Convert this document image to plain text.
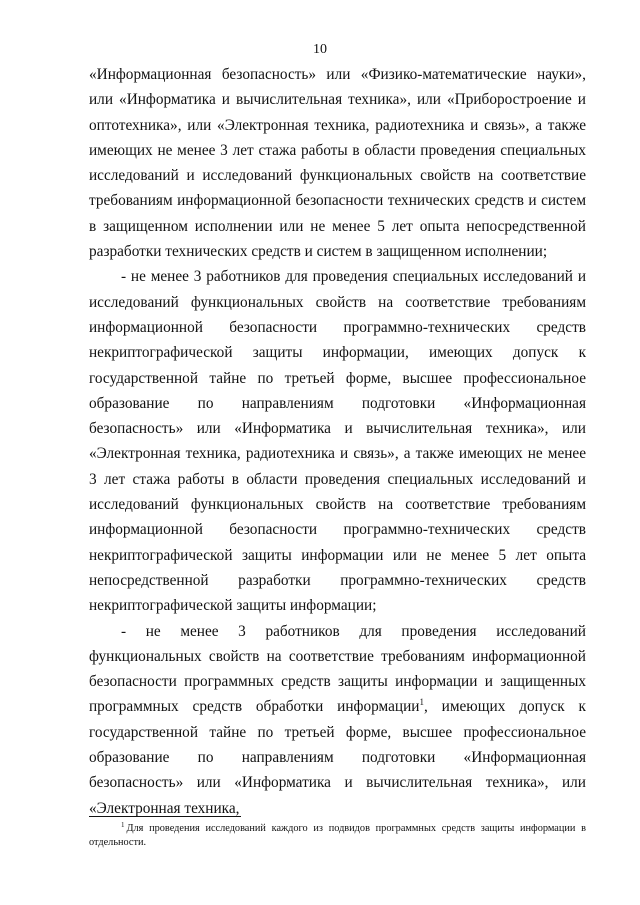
10

«Информационная безопасность» или «Физико-математические науки», или «Информатика и вычислительная техника», или «Приборостроение и оптотехника», или «Электронная техника, радиотехника и связь», а также имеющих не менее 3 лет стажа работы в области проведения специальных исследований и исследований функциональных свойств на соответствие требованиям информационной безопасности технических средств и систем в защищенном исполнении или не менее 5 лет опыта непосредственной разработки технических средств и систем в защищенном исполнении;

- не менее 3 работников для проведения специальных исследований и исследований функциональных свойств на соответствие требованиям информационной безопасности программно-технических средств некриптографической защиты информации, имеющих допуск к государственной тайне по третьей форме, высшее профессиональное образование по направлениям подготовки «Информационная безопасность» или «Информатика и вычислительная техника», или «Электронная техника, радиотехника и связь», а также имеющих не менее 3 лет стажа работы в области проведения специальных исследований и исследований функциональных свойств на соответствие требованиям информационной безопасности программно-технических средств некриптографической защиты информации или не менее 5 лет опыта непосредственной разработки программно-технических средств некриптографической защиты информации;

- не менее 3 работников для проведения исследований функциональных свойств на соответствие требованиям информационной безопасности программных средств защиты информации и защищенных программных средств обработки информации$^1$, имеющих допуск к государственной тайне по третьей форме, высшее профессиональное образование по направлениям подготовки «Информационная безопасность» или «Информатика и вычислительная техника», или «Электронная техника,

$^1$ Для проведения исследований каждого из подвидов программных средств защиты информации в отдельности.
